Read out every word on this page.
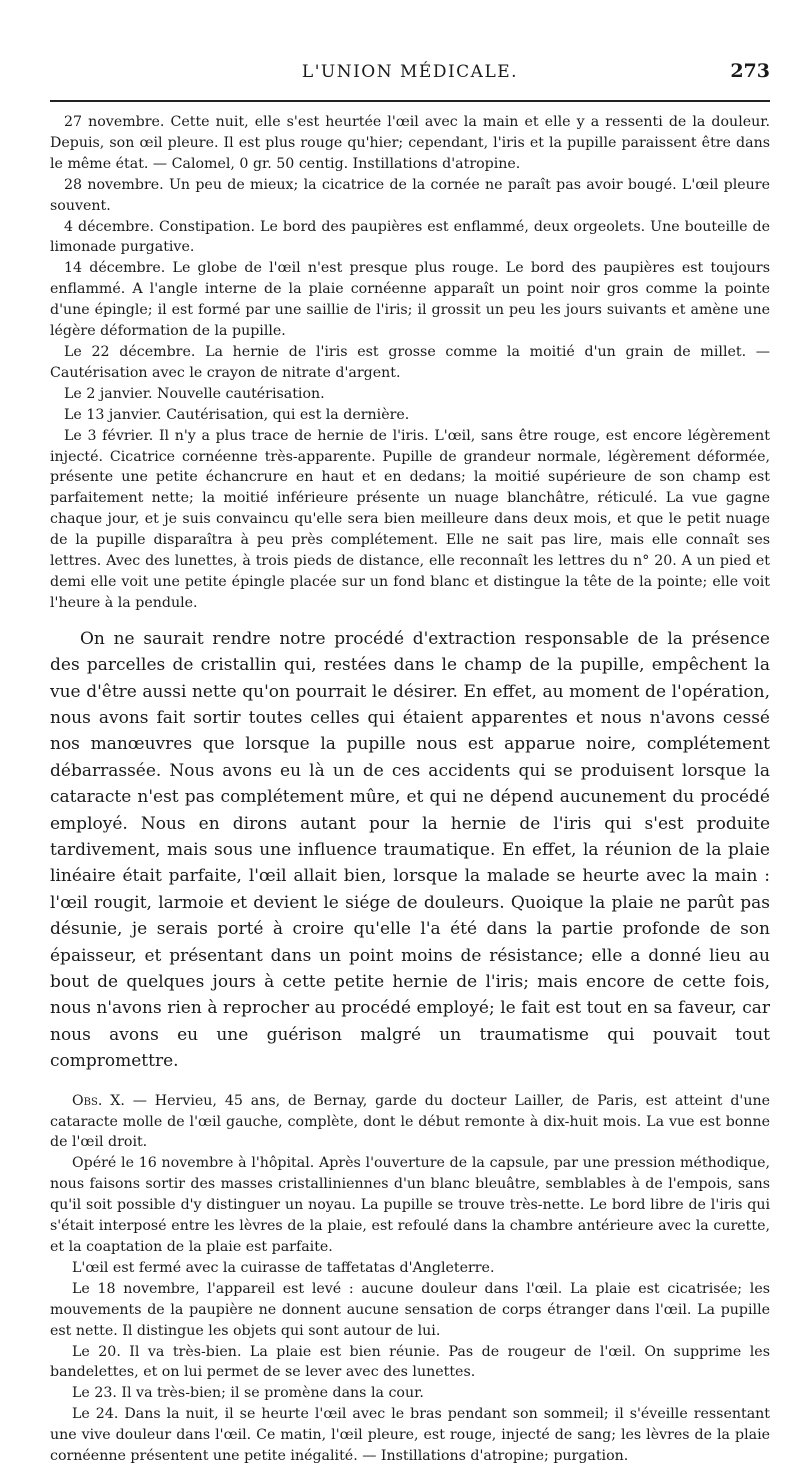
L'UNION MÉDICALE.	273

27 novembre. Cette nuit, elle s'est heurtée l'œil avec la main et elle y a ressenti de la douleur. Depuis, son œil pleure. Il est plus rouge qu'hier; cependant, l'iris et la pupille paraissent être dans le même état. — Calomel, 0 gr. 50 centig. Instillations d'atropine.

28 novembre. Un peu de mieux; la cicatrice de la cornée ne paraît pas avoir bougé. L'œil pleure souvent.

4 décembre. Constipation. Le bord des paupières est enflammé, deux orgeolets. Une bouteille de limonade purgative.

14 décembre. Le globe de l'œil n'est presque plus rouge. Le bord des paupières est toujours enflammé. A l'angle interne de la plaie cornéenne apparaît un point noir gros comme la pointe d'une épingle; il est formé par une saillie de l'iris; il grossit un peu les jours suivants et amène une légère déformation de la pupille.

Le 22 décembre. La hernie de l'iris est grosse comme la moitié d'un grain de millet. — Cautérisation avec le crayon de nitrate d'argent.

Le 2 janvier. Nouvelle cautérisation.

Le 13 janvier. Cautérisation, qui est la dernière.

Le 3 février. Il n'y a plus trace de hernie de l'iris. L'œil, sans être rouge, est encore légèrement injecté. Cicatrice cornéenne très-apparente. Pupille de grandeur normale, légèrement déformée, présente une petite échancrure en haut et en dedans; la moitié supérieure de son champ est parfaitement nette; la moitié inférieure présente un nuage blanchâtre, réticulé. La vue gagne chaque jour, et je suis convaincu qu'elle sera bien meilleure dans deux mois, et que le petit nuage de la pupille disparaîtra à peu près complétement. Elle ne sait pas lire, mais elle connaît ses lettres. Avec des lunettes, à trois pieds de distance, elle reconnaît les lettres du n° 20. A un pied et demi elle voit une petite épingle placée sur un fond blanc et distingue la tête de la pointe; elle voit l'heure à la pendule.

On ne saurait rendre notre procédé d'extraction responsable de la présence des parcelles de cristallin qui, restées dans le champ de la pupille, empêchent la vue d'être aussi nette qu'on pourrait le désirer. En effet, au moment de l'opération, nous avons fait sortir toutes celles qui étaient apparentes et nous n'avons cessé nos manœuvres que lorsque la pupille nous est apparue noire, complétement débarrassée. Nous avons eu là un de ces accidents qui se produisent lorsque la cataracte n'est pas complétement mûre, et qui ne dépend aucunement du procédé employé. Nous en dirons autant pour la hernie de l'iris qui s'est produite tardivement, mais sous une influence traumatique. En effet, la réunion de la plaie linéaire était parfaite, l'œil allait bien, lorsque la malade se heurte avec la main : l'œil rougit, larmoie et devient le siége de douleurs. Quoique la plaie ne parût pas désunie, je serais porté à croire qu'elle l'a été dans la partie profonde de son épaisseur, et présentant dans un point moins de résistance; elle a donné lieu au bout de quelques jours à cette petite hernie de l'iris; mais encore de cette fois, nous n'avons rien à reprocher au procédé employé; le fait est tout en sa faveur, car nous avons eu une guérison malgré un traumatisme qui pouvait tout compromettre.

Obs. X. — Hervieu, 45 ans, de Bernay, garde du docteur Lailler, de Paris, est atteint d'une cataracte molle de l'œil gauche, complète, dont le début remonte à dix-huit mois. La vue est bonne de l'œil droit.

Opéré le 16 novembre à l'hôpital. Après l'ouverture de la capsule, par une pression méthodique, nous faisons sortir des masses cristalliniennes d'un blanc bleuâtre, semblables à de l'empois, sans qu'il soit possible d'y distinguer un noyau. La pupille se trouve très-nette. Le bord libre de l'iris qui s'était interposé entre les lèvres de la plaie, est refoulé dans la chambre antérieure avec la curette, et la coaptation de la plaie est parfaite.

L'œil est fermé avec la cuirasse de taffetatas d'Angleterre.

Le 18 novembre, l'appareil est levé : aucune douleur dans l'œil. La plaie est cicatrisée; les mouvements de la paupière ne donnent aucune sensation de corps étranger dans l'œil. La pupille est nette. Il distingue les objets qui sont autour de lui.

Le 20. Il va très-bien. La plaie est bien réunie. Pas de rougeur de l'œil. On supprime les bandelettes, et on lui permet de se lever avec des lunettes.

Le 23. Il va très-bien; il se promène dans la cour.

Le 24. Dans la nuit, il se heurte l'œil avec le bras pendant son sommeil; il s'éveille ressentant une vive douleur dans l'œil. Ce matin, l'œil pleure, est rouge, injecté de sang; les lèvres de la plaie cornéenne présentent une petite inégalité. — Instillations d'atropine; purgation.
